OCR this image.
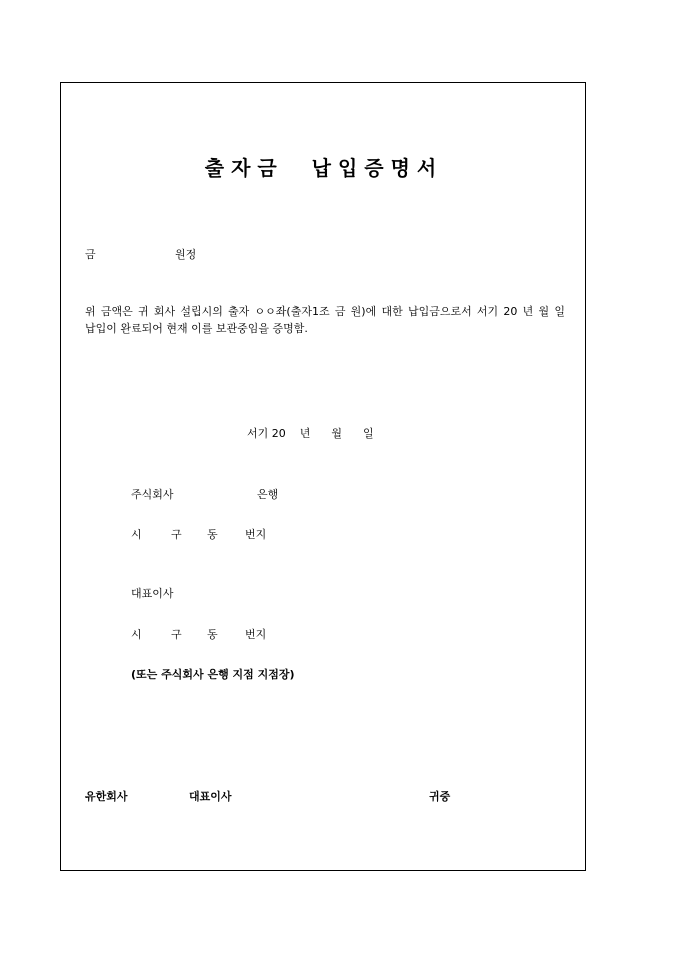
출자금  납입증명서
금	원정
위 금액은 귀 회사 설립시의 출자 ㅇㅇ좌(출자1조 금 원)에 대한 납입금으로서 서기 20 년 월 일 납입이 완료되어 현재 이를 보관중임을 증명함.
서기 20    년      월      일
주식회사	은행
시	구 동 번지
대표이사
시	구 동 번지
(또는 주식회사 은행 지점 지점장)
유한회사	대표이사	귀중
